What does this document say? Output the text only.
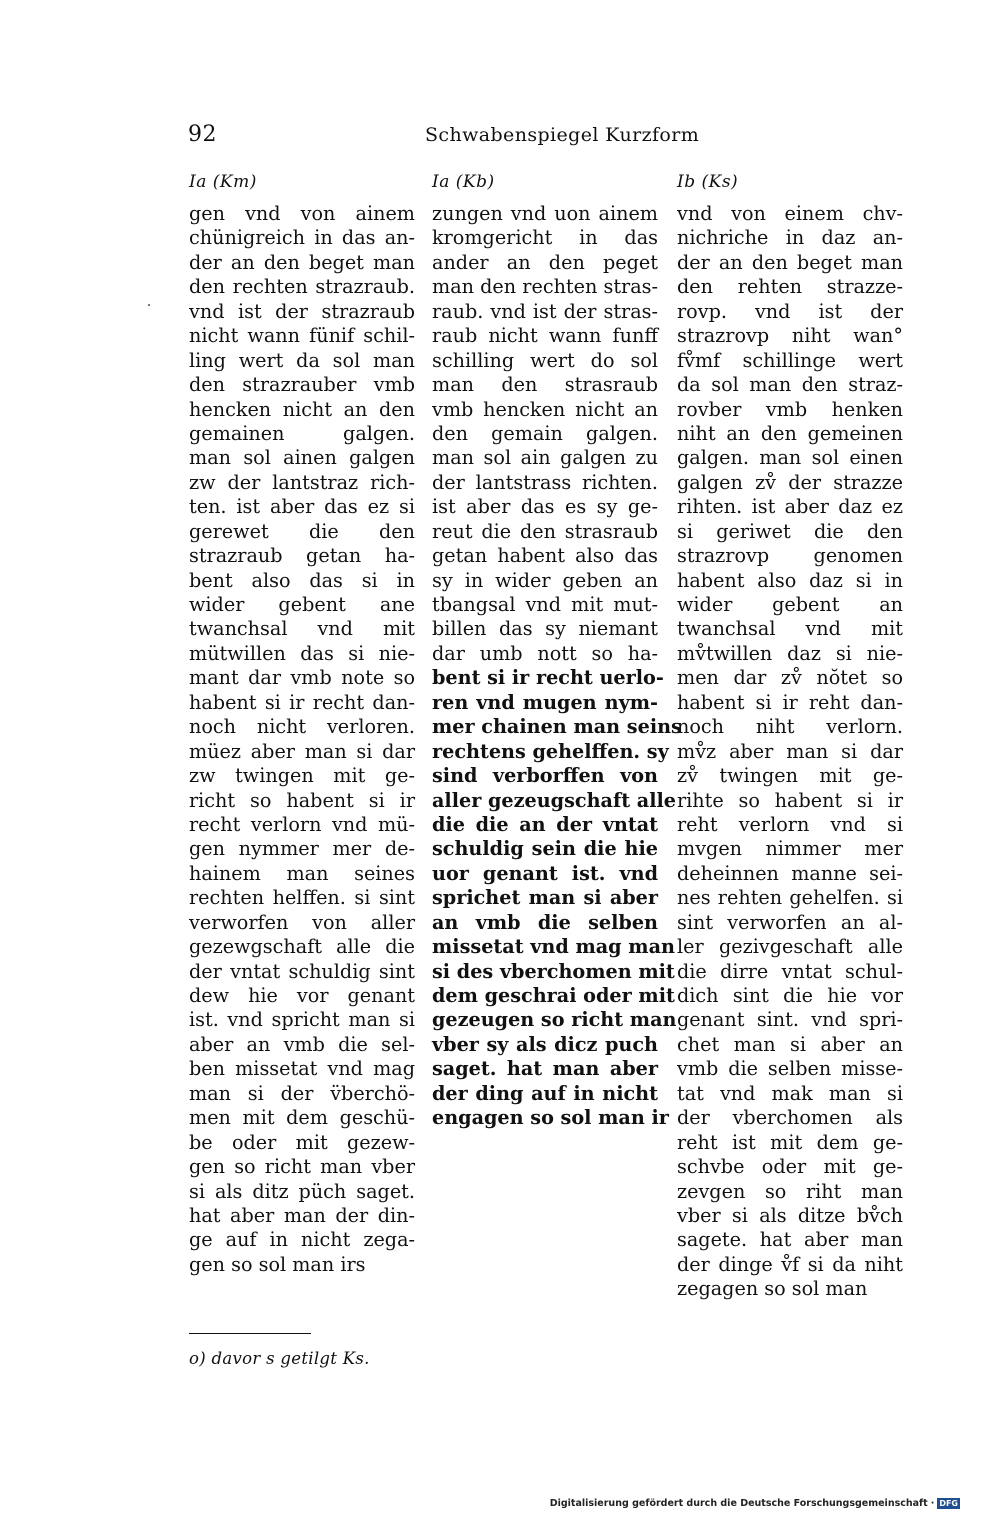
92	Schwabenspiegel Kurzform
Ia (Km)	Ia (Kb)	Ib (Ks)
gen vnd von ainem
chünigreich in das an-
der an den beget man
den rechten strazraub.
vnd ist der strazraub
nicht wann fünif schil-
ling wert da sol man
den strazrauber vmb
hencken nicht an den
gemainen galgen.
man sol ainen galgen
zw der lantstraz rich-
ten. ist aber das ez si
gerewet die den
strazraub getan ha-
bent also das si in
wider gebent ane
twanchsal vnd mit
mütwillen das si nie-
mant dar vmb note so
habent si ir recht dan-
noch nicht verloren.
müez aber man si dar
zw twingen mit ge-
richt so habent si ir
recht verlorn vnd mü-
gen nymmer mer de-
hainem man seines
rechten helffen. si sint
verworfen von aller
gezewgschaft alle die
der vntat schuldig sint
dew hie vor genant
ist. vnd spricht man si
aber an vmb die sel-
ben missetat vnd mag
man si der v̈berchö-
men mit dem geschü-
be oder mit gezew-
gen so richt man vber
si als ditz püch saget.
hat aber man der din-
ge auf in nicht zega-
gen so sol man irs
zungen vnd uon ainem
kromgericht in das
ander an den peget
man den rechten stras-
raub. vnd ist der stras-
raub nicht wann funff
schilling wert do sol
man den strasraub
vmb hencken nicht an
den gemain galgen.
man sol ain galgen zu
der lantstrass richten.
ist aber das es sy ge-
reut die den strasraub
getan habent also das
sy in wider geben an
tbangsal vnd mit mut-
billen das sy niemant
dar umb nott so ha-
bent si ir recht uerlo-
ren vnd mugen nym-
mer chainen man seins
rechtens gehelffen. sy
sind verborffen von
aller gezeugschaft alle
die die an der vntat
schuldig sein die hie
uor genant ist. vnd
sprichet man si aber
an vmb die selben
missetat vnd mag man
si des vberchomen mit
dem geschrai oder mit
gezeugen so richt man
vber sy als dicz puch
saget. hat man aber
der ding auf in nicht
engagen so sol man ir
vnd von einem chv-
nichriche in daz an-
der an den beget man
den rehten strazze-
rovp. vnd ist der
strazrovp niht wan°
fv̊mf schillinge wert
da sol man den straz-
rovber vmb henken
niht an den gemeinen
galgen. man sol einen
galgen zv̊ der strazze
rihten. ist aber daz ez
si geriwet die den
strazrovp genomen
habent also daz si in
wider gebent an
twanchsal vnd mit
mv̊twillen daz si nie-
men dar zv̊ nŏtet so
habent si ir reht dan-
noch niht verlorn.
mv̊z aber man si dar
zv̊ twingen mit ge-
rihte so habent si ir
reht verlorn vnd si
mvgen nimmer mer
deheinnen manne sei-
nes rehten gehelfen. si
sint verworfen an al-
ler gezivgeschaft alle
die dirre vntat schul-
dich sint die hie vor
genant sint. vnd spri-
chet man si aber an
vmb die selben misse-
tat vnd mak man si
der vberchomen als
reht ist mit dem ge-
schvbe oder mit ge-
zevgen so riht man
vber si als ditze bv̊ch
sagete. hat aber man
der dinge v̊f si da niht
zegagen so sol man
o) davor s getilgt Ks.
Digitalisierung gefördert durch die Deutsche Forschungsgemeinschaft · DFG
